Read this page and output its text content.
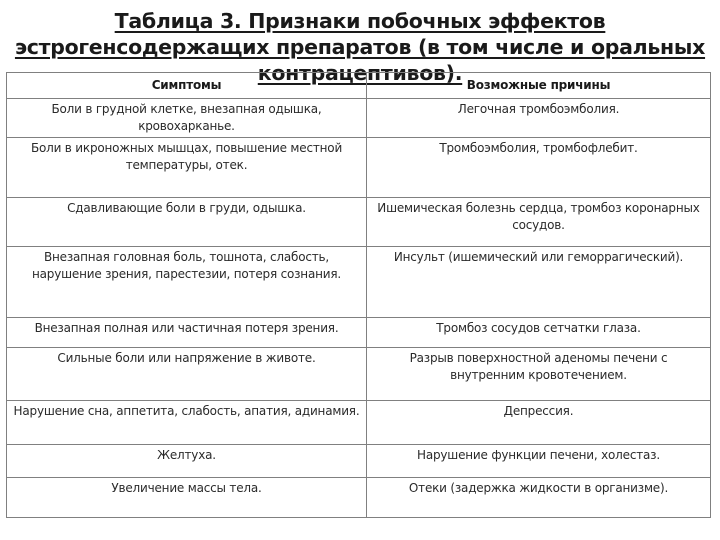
Таблица 3. Признаки побочных эффектов эстрогенсодержащих препаратов (в том числе и оральных контрацептивов).
Симптомы	Возможные причины
Боли в грудной клетке, внезапная одышка, кровохарканье.	Легочная тромбоэмболия.
Боли в икроножных мышцах, повышение местной температуры, отек.	Тромбоэмболия, тромбофлебит.
Сдавливающие боли в груди, одышка.	Ишемическая болезнь сердца, тромбоз коронарных сосудов.
Внезапная головная боль, тошнота, слабость, нарушение зрения, парестезии, потеря сознания.	Инсульт (ишемический или геморрагический).
Внезапная полная или частичная потеря зрения.	Тромбоз сосудов сетчатки глаза.
Сильные боли или напряжение в животе.	Разрыв поверхностной аденомы печени с внутренним кровотечением.
Нарушение сна, аппетита, слабость, апатия, адинамия.	Депрессия.
Желтуха.	Нарушение функции печени, холестаз.
Увеличение массы тела.	Отеки (задержка жидкости в организме).
